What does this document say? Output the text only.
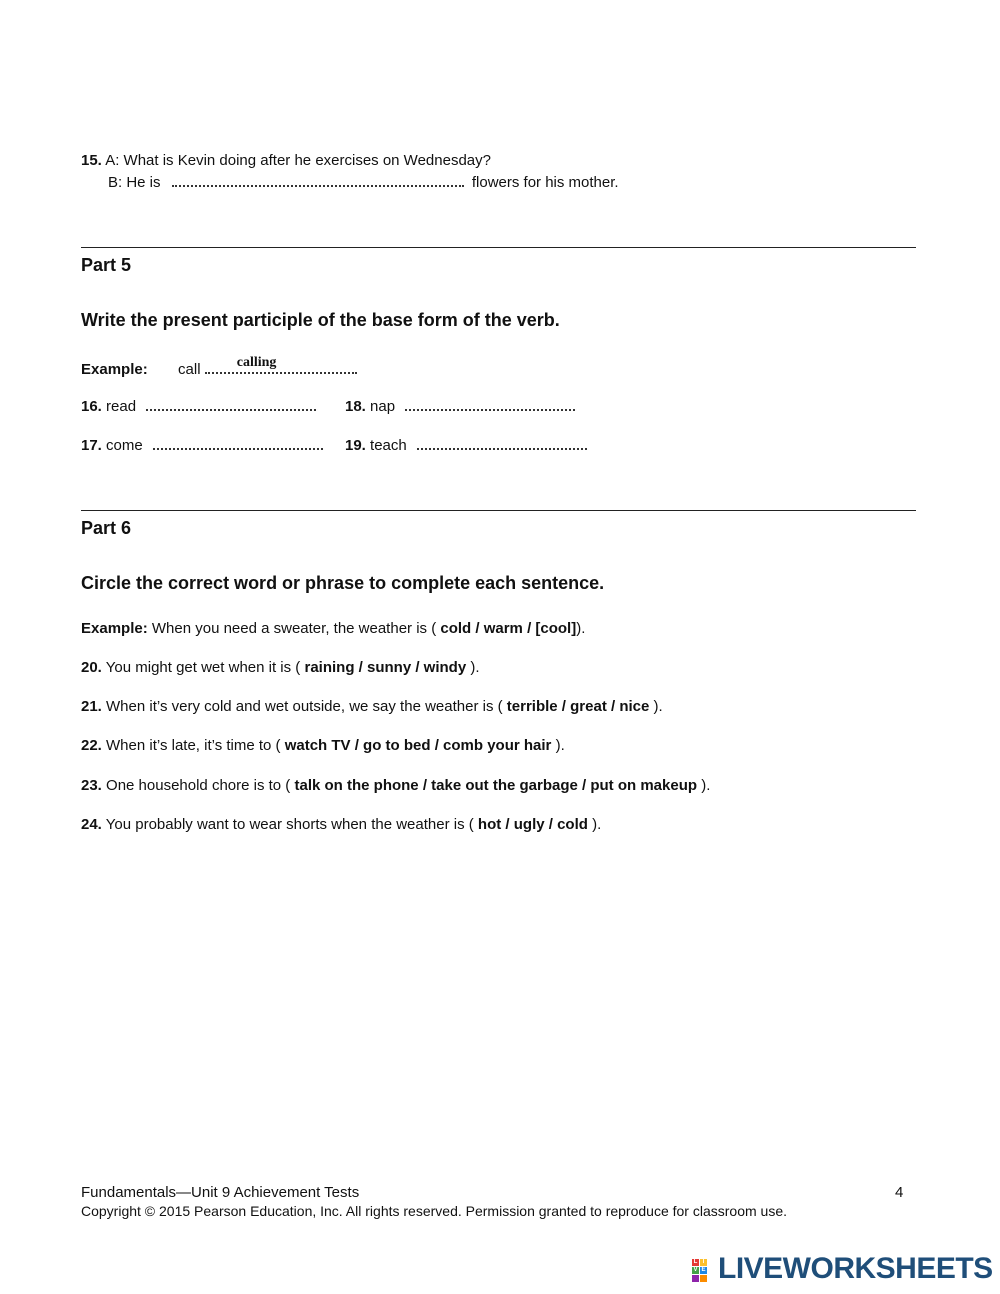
15. A: What is Kevin doing after he exercises on Wednesday?
B: He is	flowers for his mother.
Part 5
Write the present participle of the base form of the verb.
Example: call	calling
16. read
17. come
18. nap
19. teach
Part 6
Circle the correct word or phrase to complete each sentence.
Example: When you need a sweater, the weather is ( cold / warm / [cool]).
20. You might get wet when it is ( raining / sunny / windy ).
21. When it’s very cold and wet outside, we say the weather is ( terrible / great / nice ).
22. When it’s late, it’s time to ( watch TV / go to bed / comb your hair ).
23. One household chore is to ( talk on the phone / take out the garbage / put on makeup ).
24. You probably want to wear shorts when the weather is ( hot / ugly / cold ).
Fundamentals—Unit 9 Achievement Tests	4
Copyright © 2015 Pearson Education, Inc. All rights reserved. Permission granted to reproduce for classroom use.
L I
V E LIVEWORKSHEETS
